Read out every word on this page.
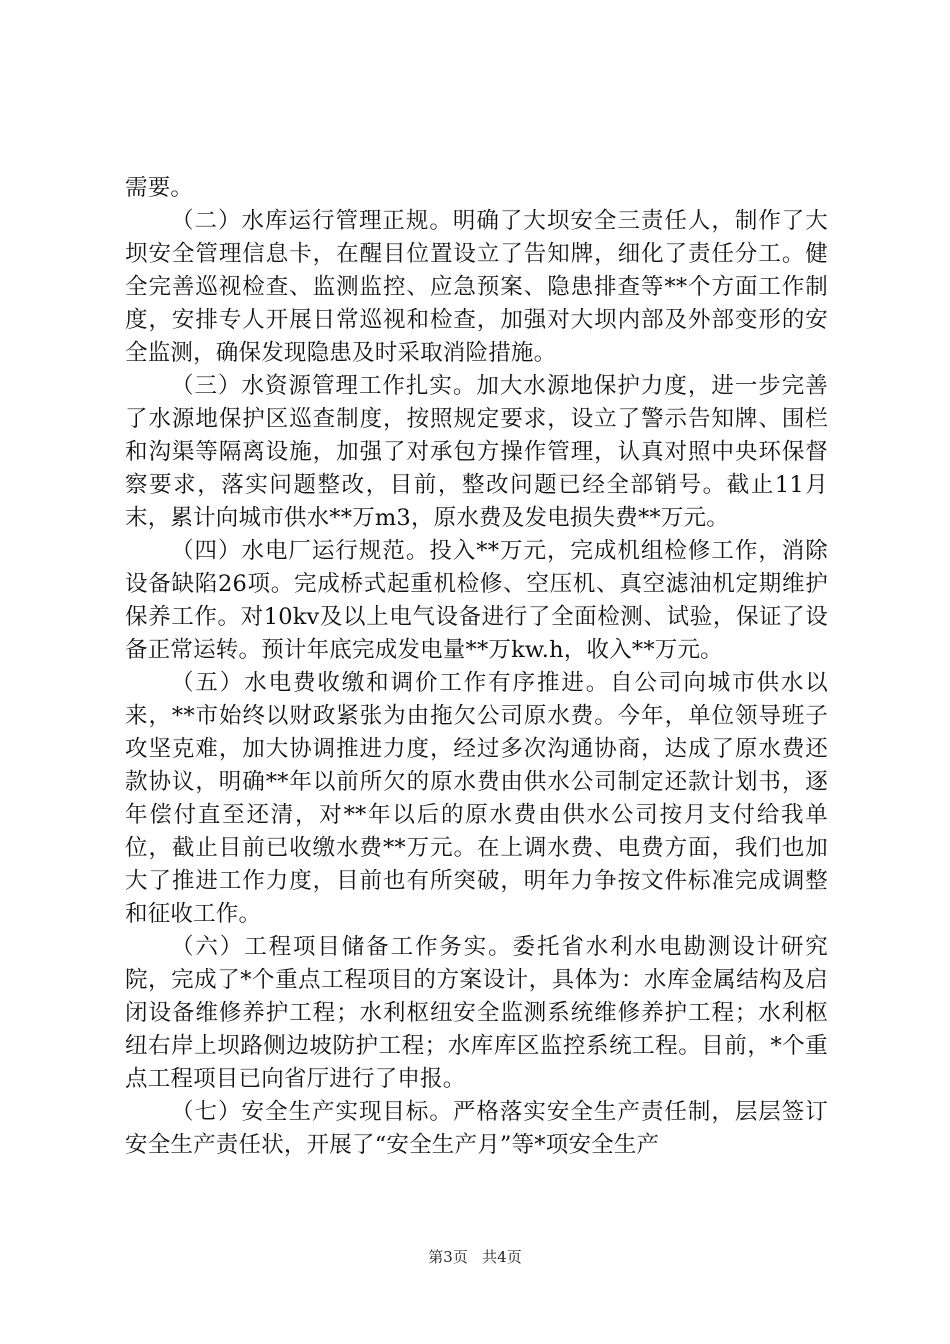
需要。

（二）水库运行管理正规。明确了大坝安全三责任人，制作了大坝安全管理信息卡，在醒目位置设立了告知牌，细化了责任分工。健全完善巡视检查、监测监控、应急预案、隐患排查等**个方面工作制度，安排专人开展日常巡视和检查，加强对大坝内部及外部变形的安全监测，确保发现隐患及时采取消险措施。

（三）水资源管理工作扎实。加大水源地保护力度，进一步完善了水源地保护区巡查制度，按照规定要求，设立了警示告知牌、围栏和沟渠等隔离设施，加强了对承包方操作管理，认真对照中央环保督察要求，落实问题整改，目前，整改问题已经全部销号。截止11月末，累计向城市供水**万m3，原水费及发电损失费**万元。

（四）水电厂运行规范。投入**万元，完成机组检修工作，消除设备缺陷26项。完成桥式起重机检修、空压机、真空滤油机定期维护保养工作。对10kv及以上电气设备进行了全面检测、试验，保证了设备正常运转。预计年底完成发电量**万kw.h，收入**万元。

（五）水电费收缴和调价工作有序推进。自公司向城市供水以来，**市始终以财政紧张为由拖欠公司原水费。今年，单位领导班子攻坚克难，加大协调推进力度，经过多次沟通协商，达成了原水费还款协议，明确**年以前所欠的原水费由供水公司制定还款计划书，逐年偿付直至还清，对**年以后的原水费由供水公司按月支付给我单位，截止目前已收缴水费**万元。在上调水费、电费方面，我们也加大了推进工作力度，目前也有所突破，明年力争按文件标准完成调整和征收工作。

（六）工程项目储备工作务实。委托省水利水电勘测设计研究院，完成了*个重点工程项目的方案设计，具体为：水库金属结构及启闭设备维修养护工程；水利枢纽安全监测系统维修养护工程；水利枢纽右岸上坝路侧边坡防护工程；水库库区监控系统工程。目前，*个重点工程项目已向省厅进行了申报。

（七）安全生产实现目标。严格落实安全生产责任制，层层签订安全生产责任状，开展了“安全生产月”等*项安全生产

第3页 共4页
